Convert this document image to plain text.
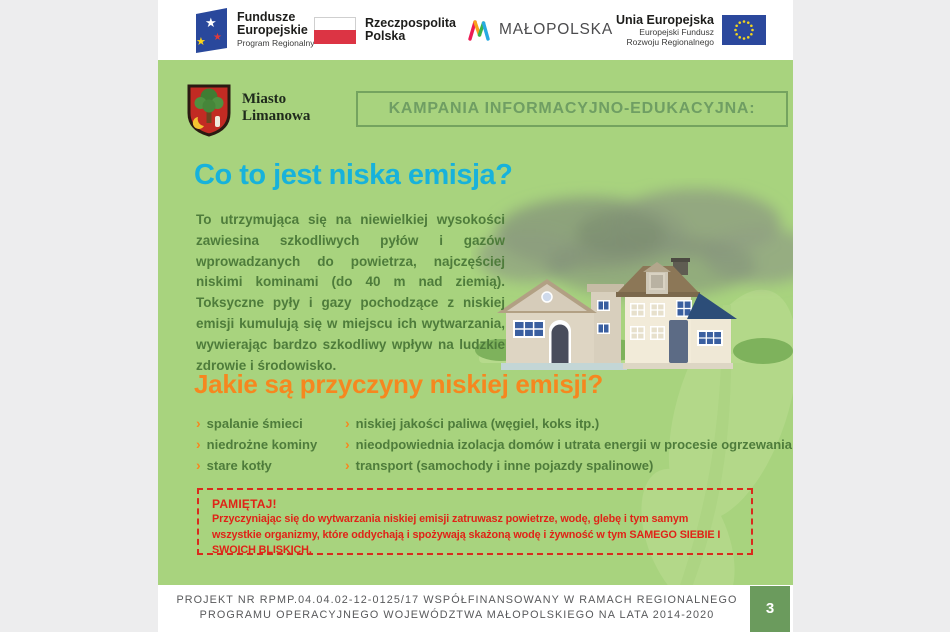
★
★ ★
Fundusze
Europejskie
Program Regionalny
Rzeczpospolita
Polska	MAŁOPOLSKA
Unia Europejska
Europejski Fundusz
Rozwoju Regionalnego
Miasto
Limanowa	KAMPANIA INFORMACYJNO-EDUKACYJNA:
Co to jest niska emisja?

To utrzymująca się na niewielkiej wysokości zawiesina szkodliwych pyłów i gazów wprowadzanych do powietrza, najczęściej niskimi kominami (do 40 m nad ziemią). Toksyczne pyły i gazy pochodzące z niskiej emisji kumulują się w miejscu ich wytwarzania, wywierając bardzo szkodliwy wpływ na ludzkie zdrowie i środowisko.

Jakie są przyczyny niskiej emisji?
› spalanie śmieci
› niedrożne kominy
› stare kotły
› niskiej jakości paliwa (węgiel, koks itp.)
› nieodpowiednia izolacja domów i utrata energii w procesie ogrzewania
› transport (samochody i inne pojazdy spalinowe)
PAMIĘTAJ!
Przyczyniając się do wytwarzania niskiej emisji zatruwasz powietrze, wodę, glebę i tym samym wszystkie organizmy, które oddychają i spożywają skażoną wodę i żywność w tym SAMEGO SIEBIE I SWOICH BLISKICH.
PROJEKT NR RPMP.04.04.02-12-0125/17 WSPÓŁFINANSOWANY W RAMACH REGIONALNEGO
PROGRAMU OPERACYJNEGO WOJEWÓDZTWA MAŁOPOLSKIEGO NA LATA 2014-2020	3
